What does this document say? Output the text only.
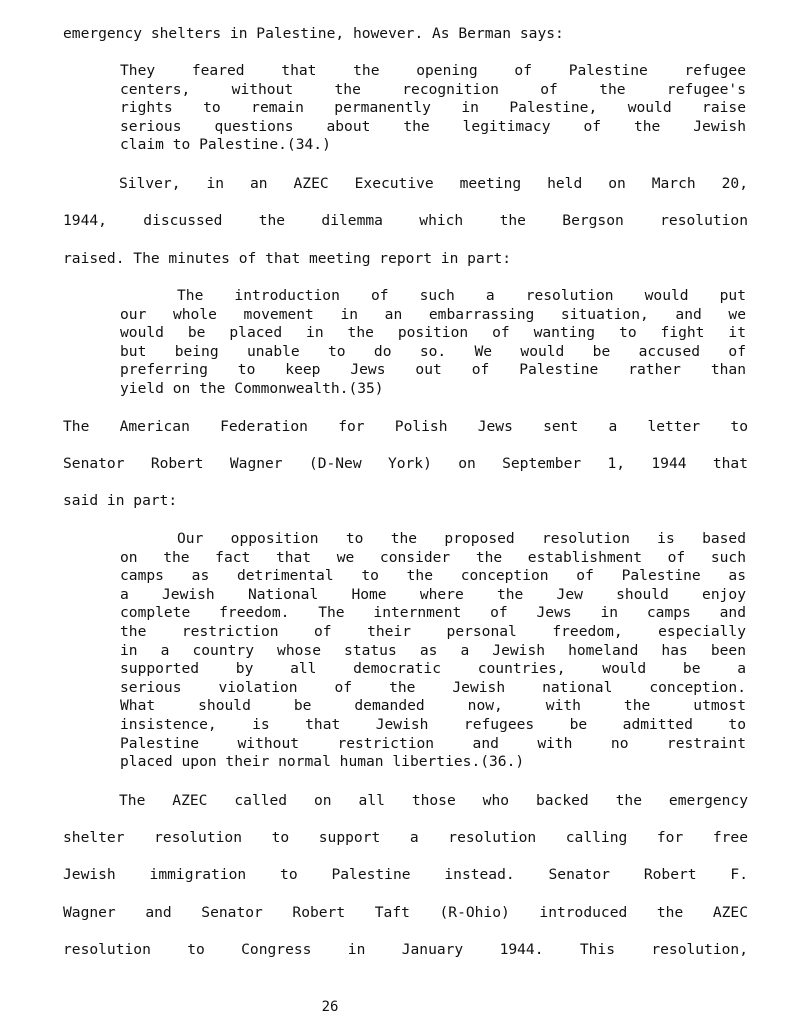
emergency shelters in Palestine, however. As Berman says:
They feared that the opening of Palestine refugee
centers, without the recognition of the refugee's
rights to remain permanently in Palestine, would raise
serious questions about the legitimacy of the Jewish
claim to Palestine.(34.)
Silver, in an AZEC Executive meeting held on March 20,
1944, discussed the dilemma which the Bergson resolution
raised. The minutes of that meeting report in part:
The introduction of such a resolution would put
our whole movement in an embarrassing situation, and we
would be placed in the position of wanting to fight it
but being unable to do so. We would be accused of
preferring to keep Jews out of Palestine rather than
yield on the Commonwealth.(35)
The American Federation for Polish Jews sent a letter to
Senator Robert Wagner (D-New York) on September 1, 1944 that
said in part:
Our opposition to the proposed resolution is based
on the fact that we consider the establishment of such
camps as detrimental to the conception of Palestine as
a Jewish National Home where the Jew should enjoy
complete freedom. The internment of Jews in camps and
the restriction of their personal freedom, especially
in a country whose status as a Jewish homeland has been
supported by all democratic countries, would be a
serious violation of the Jewish national conception.
What should be demanded now, with the utmost
insistence, is that Jewish refugees be admitted to
Palestine without restriction and with no restraint
placed upon their normal human liberties.(36.)
The AZEC called on all those who backed the emergency
shelter resolution to support a resolution calling for free
Jewish immigration to Palestine instead. Senator Robert F.
Wagner and Senator Robert Taft (R-Ohio) introduced the AZEC
resolution to Congress in January 1944. This resolution,
26
